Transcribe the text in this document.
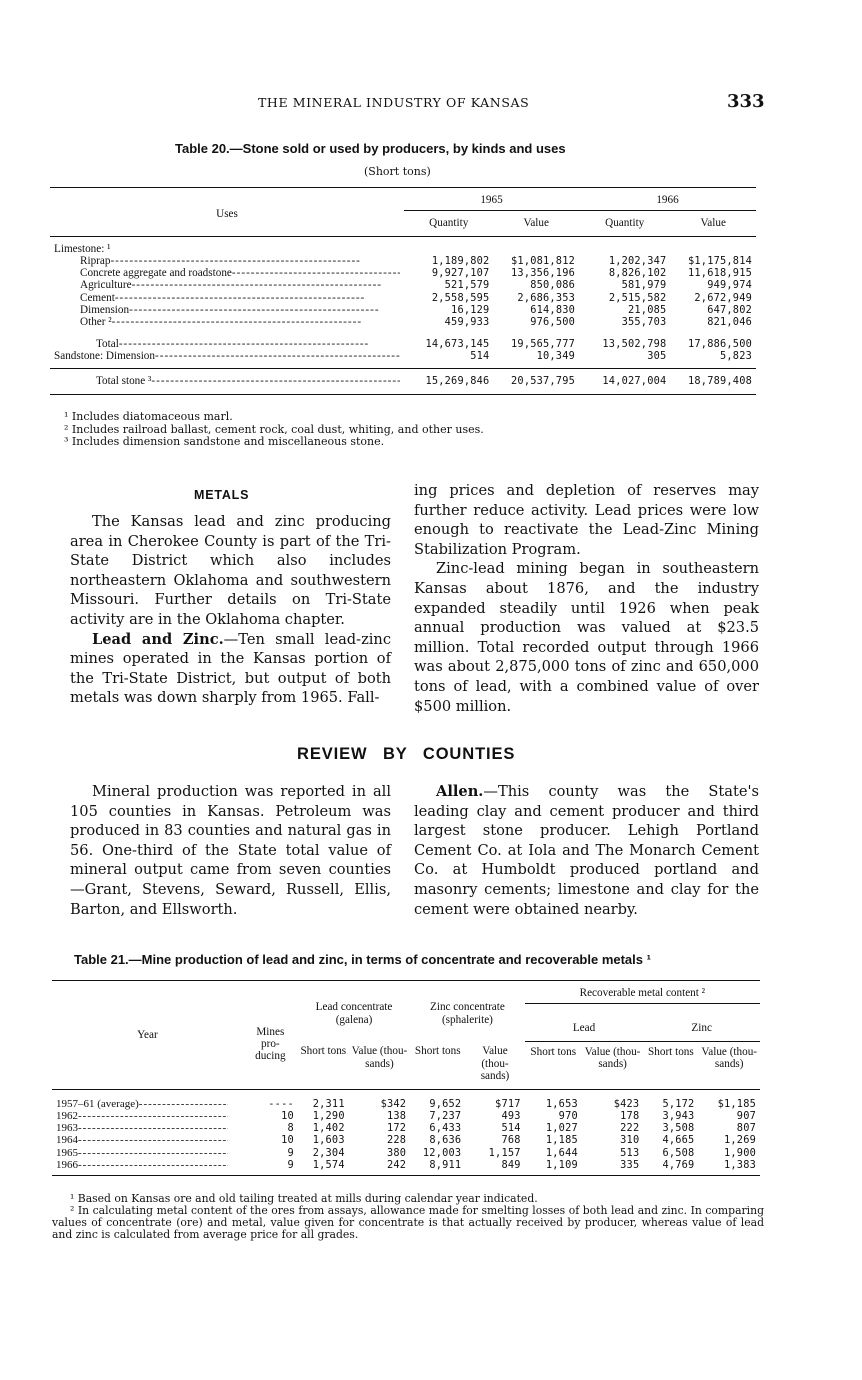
THE MINERAL INDUSTRY OF KANSAS	333
Table 20.—Stone sold or used by producers, by kinds and uses
(Short tons)
Uses	1965		1966	
	Quantity	Value	Quantity	Value

Limestone: ¹				

Riprap -----	1,189,802	$1,081,812	1,202,347	$1,175,814

Concrete aggregate and roadstone -----	9,927,107	13,356,196	8,826,102	11,618,915

Agriculture -----	521,579	850,086	581,979	949,974

Cement -----	2,558,595	2,686,353	2,515,582	2,672,949

Dimension -----	16,129	614,830	21,085	647,802

Other ² -----	459,933	976,500	355,703	821,046

Total -----	14,673,145	19,565,777	13,502,798	17,886,500

Sandstone: Dimension -----	514	10,349	305	5,823

Total stone ³ -----	15,269,846	20,537,795	14,027,004	18,789,408
¹ Includes diatomaceous marl.
² Includes railroad ballast, cement rock, coal dust, whiting, and other uses.
³ Includes dimension sandstone and miscellaneous stone.
METALS

The Kansas lead and zinc producing area in Cherokee County is part of the Tri-State District which also includes northeastern Oklahoma and southwestern Missouri. Further details on Tri-State activity are in the Oklahoma chapter.

Lead and Zinc.—Ten small lead-zinc mines operated in the Kansas portion of the Tri-State District, but output of both metals was down sharply from 1965. Fall-

ing prices and depletion of reserves may further reduce activity. Lead prices were low enough to reactivate the Lead-Zinc Mining Stabilization Program.

Zinc-lead mining began in southeastern Kansas about 1876, and the industry expanded steadily until 1926 when peak annual production was valued at $23.5 million. Total recorded output through 1966 was about 2,875,000 tons of zinc and 650,000 tons of lead, with a combined value of over $500 million.

REVIEW BY COUNTIES

Mineral production was reported in all 105 counties in Kansas. Petroleum was produced in 83 counties and natural gas in 56. One-third of the State total value of mineral output came from seven counties—Grant, Stevens, Seward, Russell, Ellis, Barton, and Ellsworth.

Allen.—This county was the State's leading clay and cement producer and third largest stone producer. Lehigh Portland Cement Co. at Iola and The Monarch Cement Co. at Humboldt produced portland and masonry cements; limestone and clay for the cement were obtained nearby.

Table 21.—Mine production of lead and zinc, in terms of concentrate and recoverable metals ¹
Year	Mines pro- ducing	Lead concentrate (galena)		Zinc concentrate (sphalerite)		Recoverable metal content ²			
						Lead		Zinc	
		Short tons	Value (thou- sands)	Short tons	Value (thou- sands)	Short tons	Value (thou- sands)	Short tons	Value (thou- sands)

1957–61 (average) -----	----	2,311	$342	9,652	$717	1,653	$423	5,172	$1,185

1962 -----	10	1,290	138	7,237	493	970	178	3,943	907

1963 -----	8	1,402	172	6,433	514	1,027	222	3,508	807

1964 -----	10	1,603	228	8,636	768	1,185	310	4,665	1,269

1965 -----	9	2,304	380	12,003	1,157	1,644	513	6,508	1,900

1966 -----	9	1,574	242	8,911	849	1,109	335	4,769	1,383
¹ Based on Kansas ore and old tailing treated at mills during calendar year indicated.
² In calculating metal content of the ores from assays, allowance made for smelting losses of both lead and zinc. In comparing values of concentrate (ore) and metal, value given for concentrate is that actually received by producer, whereas value of lead and zinc is calculated from average price for all grades.
